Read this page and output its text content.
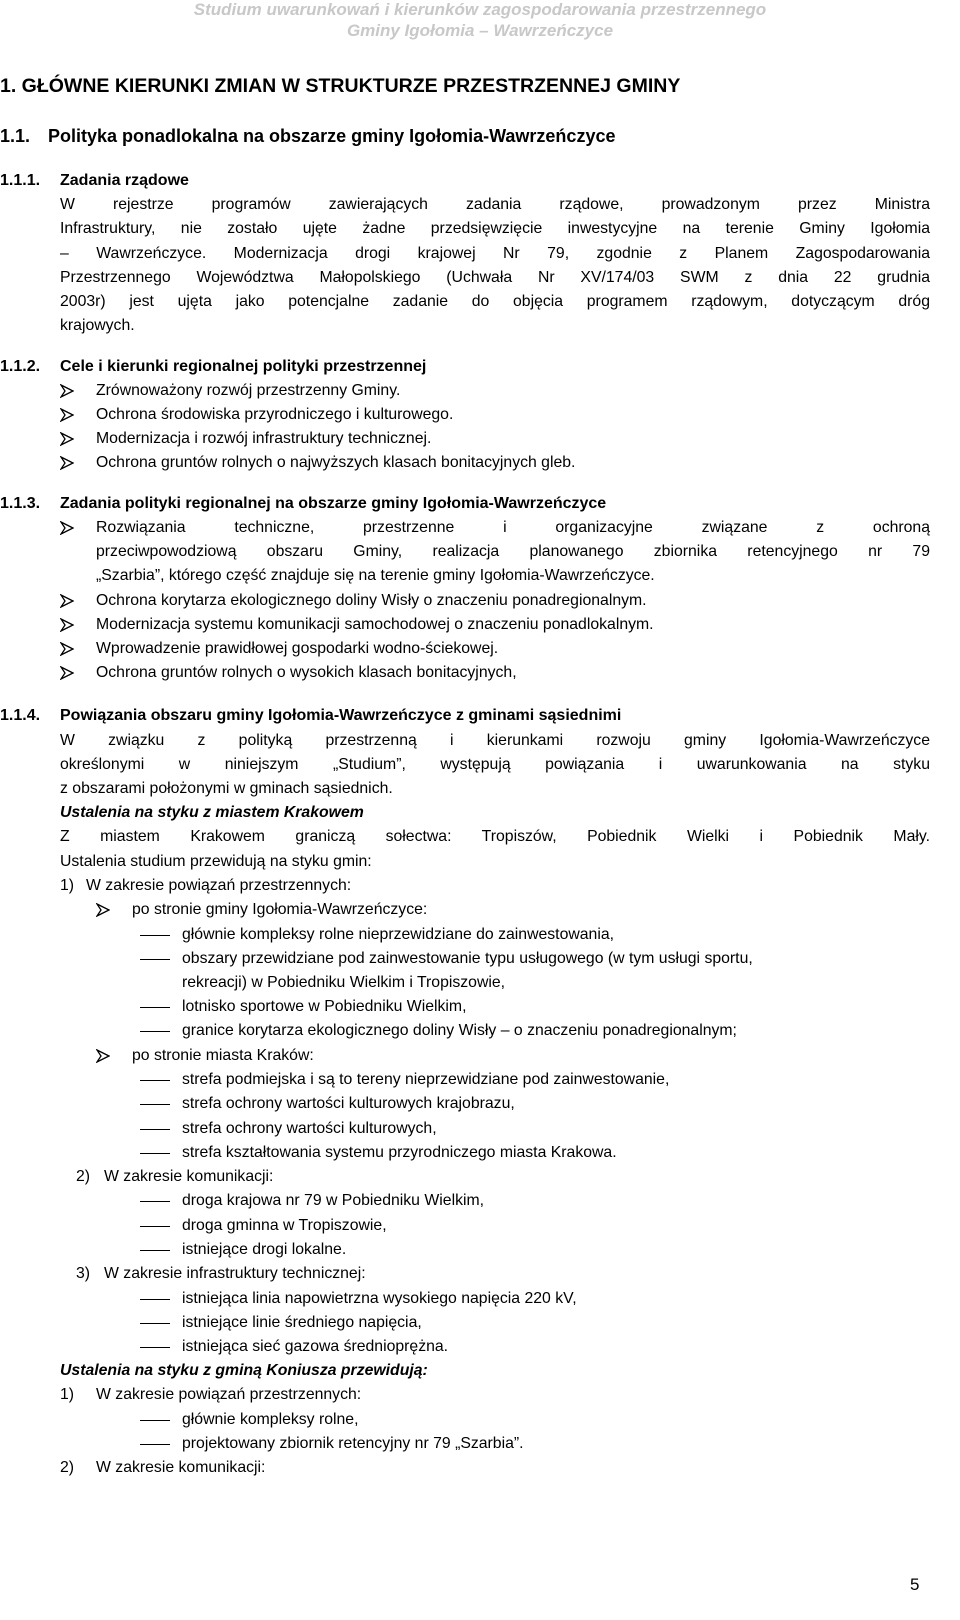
Studium uwarunkowań i kierunków zagospodarowania przestrzennego
Gminy Igołomia – Wawrzeńczyce
1. GŁÓWNE KIERUNKI ZMIAN W STRUKTURZE PRZESTRZENNEJ GMINY
1.1. Polityka ponadlokalna na obszarze gminy Igołomia-Wawrzeńczyce
1.1.1. Zadania rządowe
W rejestrze programów zawierających zadania rządowe, prowadzonym przez Ministra
Infrastruktury, nie zostało ujęte żadne przedsięwzięcie inwestycyjne na terenie Gminy Igołomia
– Wawrzeńczyce. Modernizacja drogi krajowej Nr 79, zgodnie z Planem Zagospodarowania
Przestrzennego Województwa Małopolskiego (Uchwała Nr XV/174/03 SWM z dnia 22 grudnia
2003r) jest ujęta jako potencjalne zadanie do objęcia programem rządowym, dotyczącym dróg
krajowych.
1.1.2. Cele i kierunki regionalnej polityki przestrzennej
Zrównoważony rozwój przestrzenny Gminy.
Ochrona środowiska przyrodniczego i kulturowego.
Modernizacja i rozwój infrastruktury technicznej.
Ochrona gruntów rolnych o najwyższych klasach bonitacyjnych gleb.
1.1.3. Zadania polityki regionalnej na obszarze gminy Igołomia-Wawrzeńczyce
Rozwiązania techniczne, przestrzenne i organizacyjne związane z ochroną
przeciwpowodziową obszaru Gminy, realizacja planowanego zbiornika retencyjnego nr 79
„Szarbia”, którego część znajduje się na terenie gminy Igołomia-Wawrzeńczyce.
Ochrona korytarza ekologicznego doliny Wisły o znaczeniu ponadregionalnym.
Modernizacja systemu komunikacji samochodowej o znaczeniu ponadlokalnym.
Wprowadzenie prawidłowej gospodarki wodno-ściekowej.
Ochrona gruntów rolnych o wysokich klasach bonitacyjnych,
1.1.4. Powiązania obszaru gminy Igołomia-Wawrzeńczyce z gminami sąsiednimi
W związku z polityką przestrzenną i kierunkami rozwoju gminy Igołomia-Wawrzeńczyce
określonymi w niniejszym „Studium”, występują powiązania i uwarunkowania na styku
z obszarami położonymi w gminach sąsiednich.
Ustalenia na styku z miastem Krakowem
Z miastem Krakowem graniczą sołectwa: Tropiszów, Pobiednik Wielki i Pobiednik Mały.
Ustalenia studium przewidują na styku gmin:
1) W zakresie powiązań przestrzennych:
po stronie gminy Igołomia-Wawrzeńczyce:
głównie kompleksy rolne nieprzewidziane do zainwestowania,
obszary przewidziane pod zainwestowanie typu usługowego (w tym usługi sportu,
rekreacji) w Pobiedniku Wielkim i Tropiszowie,
lotnisko sportowe w Pobiedniku Wielkim,
granice korytarza ekologicznego doliny Wisły – o znaczeniu ponadregionalnym;
po stronie miasta Kraków:
strefa podmiejska i są to tereny nieprzewidziane pod zainwestowanie,
strefa ochrony wartości kulturowych krajobrazu,
strefa ochrony wartości kulturowych,
strefa kształtowania systemu przyrodniczego miasta Krakowa.
2) W zakresie komunikacji:
droga krajowa nr 79 w Pobiedniku Wielkim,
droga gminna w Tropiszowie,
istniejące drogi lokalne.
3) W zakresie infrastruktury technicznej:
istniejąca linia napowietrzna wysokiego napięcia 220 kV,
istniejące linie średniego napięcia,
istniejąca sieć gazowa średnioprężna.
Ustalenia na styku z gminą Koniusza przewidują:
1) W zakresie powiązań przestrzennych:
głównie kompleksy rolne,
projektowany zbiornik retencyjny nr 79 „Szarbia”.
2) W zakresie komunikacji:
5
